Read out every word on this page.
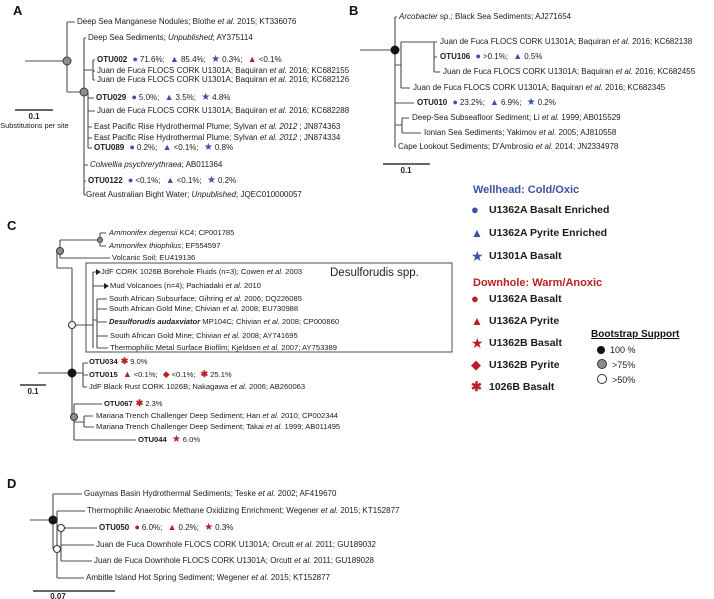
A	B
C
D
0.1
Substitutions per site
0.1
0.1
0.07
Desulforudis spp.
Deep Sea Manganese Nodules; Blothe et al. 2015; KT336076
Deep Sea Sediments; Unpublished; AY375114
OTU002 ● 71.6%; ▲ 85.4%; ★ 0.3%; ▲ <0.1%
Juan de Fuca FLOCS CORK U1301A; Baquiran et al. 2016; KC682155
Juan de Fuca FLOCS CORK U1301A; Baquiran et al. 2016; KC682126
OTU029 ● 5.0%; ▲ 3.5%; ★ 4.8%
Juan de Fuca FLOCS CORK U1301A; Baquiran et al. 2016; KC682288
East Pacific Rise Hydrothermal Plume; Sylvan et al. 2012 ; JN874363
East Pacific Rise Hydrothermal Plume; Sylvan et al. 2012 ; JN874334
OTU089 ● 0.2%; ▲ <0.1%; ★ 0.8%
Colwellia psychrerythraea; AB011364
OTU0122 ● <0.1%; ▲ <0.1%; ★ 0.2%
Great Australian Bight Water; Unpublished; JQEC010000057
Arcobacter sp.; Black Sea Sediments; AJ271654
Juan de Fuca FLOCS CORK U1301A; Baquiran et al. 2016; KC682138
OTU106 ● >0.1%; ▲ 0.5%
Juan de Fuca FLOCS CORK U1301A; Baquiran et al. 2016; KC682455
Juan de Fuca FLOCS CORK U1301A; Baquiran et al. 2016; KC682345
OTU010 ● 23.2%; ▲ 6.9%; ★ 0.2%
Deep-Sea Subseafloor Sediment; Li et al. 1999; AB015529
Ionian Sea Sediments; Yakimov et al. 2005; AJ810558
Cape Lookout Sediments; D'Ambrosio et al. 2014; JN2334978
Ammonifex degensii KC4; CP001785
Ammonifex thiophilus; EF554597
Volcanic Soil; EU419136
JdF CORK 1026B Borehole Fluids (n=3); Cowen et al. 2003
Mud Volcanoes (n=4); Pachiadaki et al. 2010
South African Subsurface; Gihring et al. 2006; DQ226085
South African Gold Mine; Chivian et al. 2008; EU730988
Desulforudis audaxviator MP104C; Chivian et al. 2008; CP000860
South African Gold Mine; Chivian et al. 2008; AY741695
Thermophilic Metal Surface Biofilm; Kjeldsen et al. 2007; AY753389
OTU034 ✱ 9.0%
OTU015 ▲ <0.1%; ◆ <0.1%; ✱ 25.1%
JdF Black Rust CORK 1026B; Nakagawa et al. 2006; AB260063
OTU067 ✱ 2.3%
Mariana Trench Challenger Deep Sediment; Han et al. 2010; CP002344
Mariana Trench Challenger Deep Sediment; Takai et al. 1999; AB011495
OTU044 ★ 6.0%
Guaymas Basin Hydrothermal Sediments; Teske et al. 2002; AF419670
Thermophilic Anaerobic Methane Oxidizing Enrichment; Wegener et al. 2015; KT152877
OTU050 ● 6.0%; ▲ 0.2%; ★ 0.3%
Juan de Fuca Downhole FLOCS CORK U1301A; Orcutt et al. 2011; GU189032
Juan de Fuca Downhole FLOCS CORK U1301A; Orcutt et al. 2011; GU189028
Ambitle Island Hot Spring Sediment; Wegener et al. 2015; KT152877
Wellhead: Cold/Oxic
● U1362A Basalt Enriched
▲ U1362A Pyrite Enriched
★ U1301A Basalt
Downhole: Warm/Anoxic
● U1362A Basalt
▲ U1362A Pyrite
★ U1362B Basalt
◆ U1362B Pyrite
✱ 1026B Basalt
Bootstrap Support
100 %
>75%
>50%
